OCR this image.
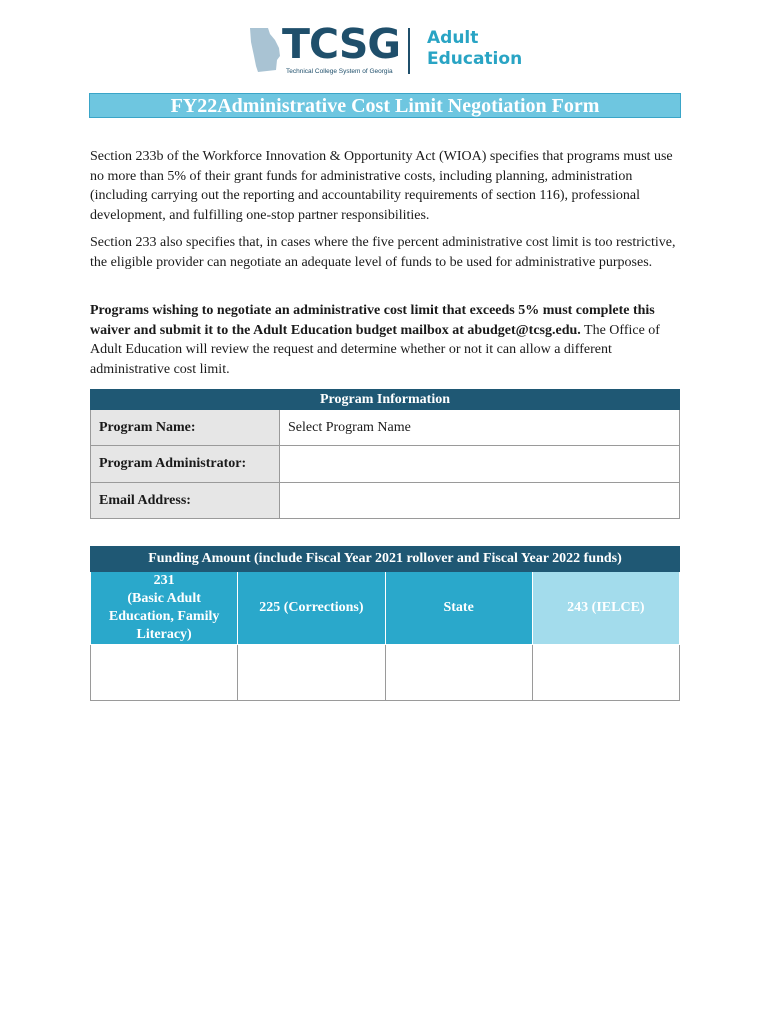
TCSG
Technical College System of Georgia
Adult
Education
FY22Administrative Cost Limit Negotiation Form

Section 233b of the Workforce Innovation & Opportunity Act (WIOA) specifies that programs must use no more than 5% of their grant funds for administrative costs, including planning, administration (including carrying out the reporting and accountability requirements of section 116), professional development, and fulfilling one-stop partner responsibilities.

Section 233 also specifies that, in cases where the five percent administrative cost limit is too restrictive, the eligible provider can negotiate an adequate level of funds to be used for administrative purposes.

Programs wishing to negotiate an administrative cost limit that exceeds 5% must complete this waiver and submit it to the Adult Education budget mailbox at abudget@tcsg.edu. The Office of Adult Education will review the request and determine whether or not it can allow a different administrative cost limit.

Program Information	
Program Name:	Select Program Name
Program Administrator:	
Email Address:	
Funding Amount (include Fiscal Year 2021 rollover and Fiscal Year 2022 funds)			
231
(Basic Adult Education, Family Literacy)	225 (Corrections)	State	243 (IELCE)
